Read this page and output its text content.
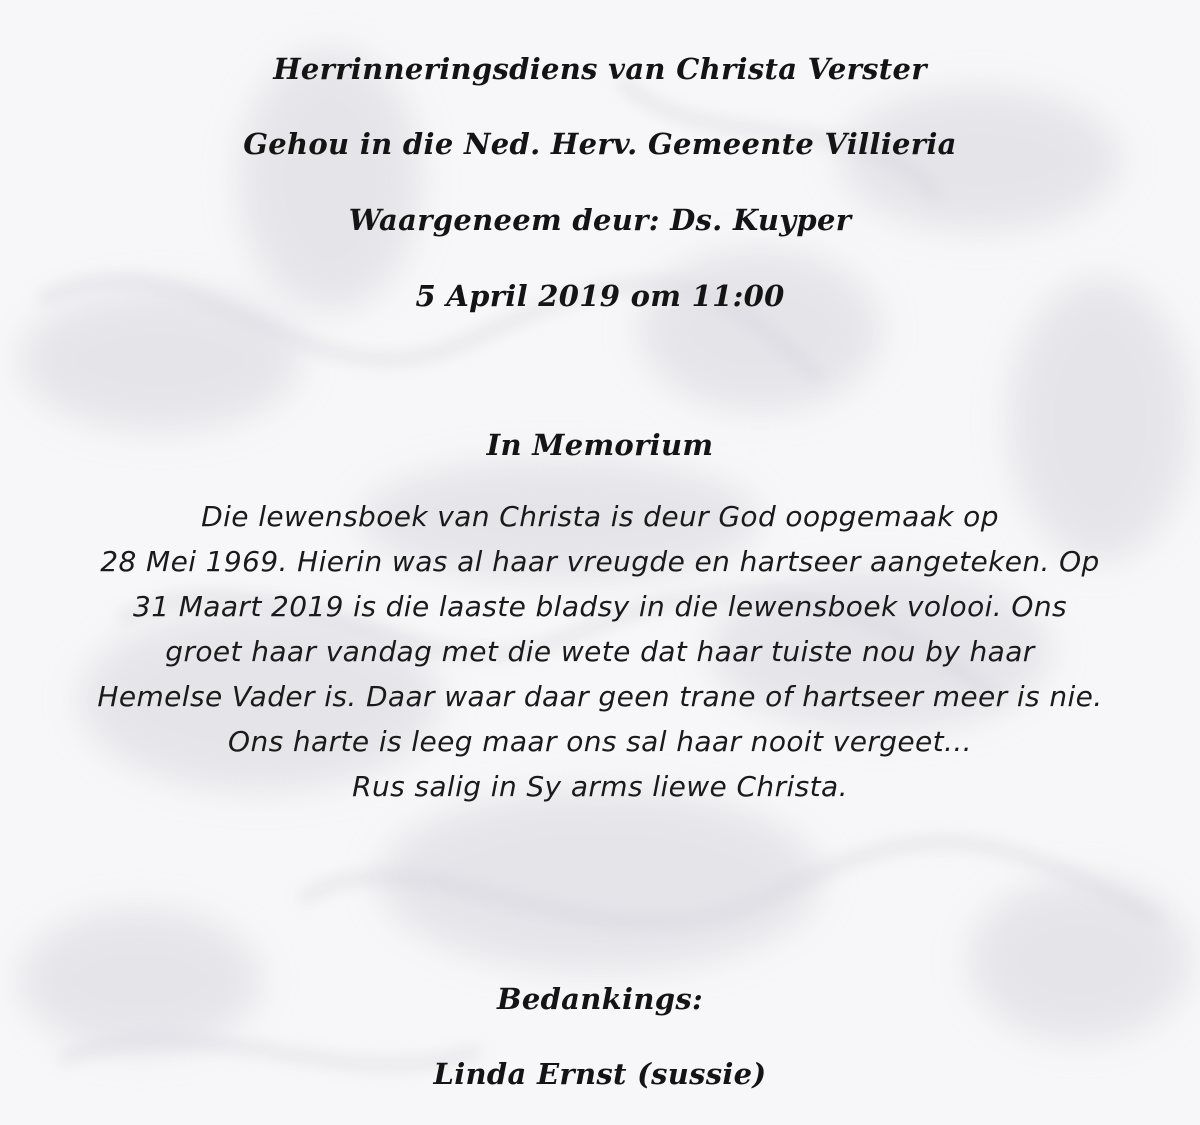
Herrinneringsdiens van Christa Verster
Gehou in die Ned. Herv. Gemeente Villieria
Waargeneem deur: Ds. Kuyper
5 April 2019 om 11:00
In Memorium
Die lewensboek van Christa is deur God oopgemaak op
28 Mei 1969. Hierin was al haar vreugde en hartseer aangeteken. Op
31 Maart 2019 is die laaste bladsy in die lewensboek volooi. Ons
groet haar vandag met die wete dat haar tuiste nou by haar
Hemelse Vader is. Daar waar daar geen trane of hartseer meer is nie.
Ons harte is leeg maar ons sal haar nooit vergeet...
Rus salig in Sy arms liewe Christa.
Bedankings:
Linda Ernst (sussie)
